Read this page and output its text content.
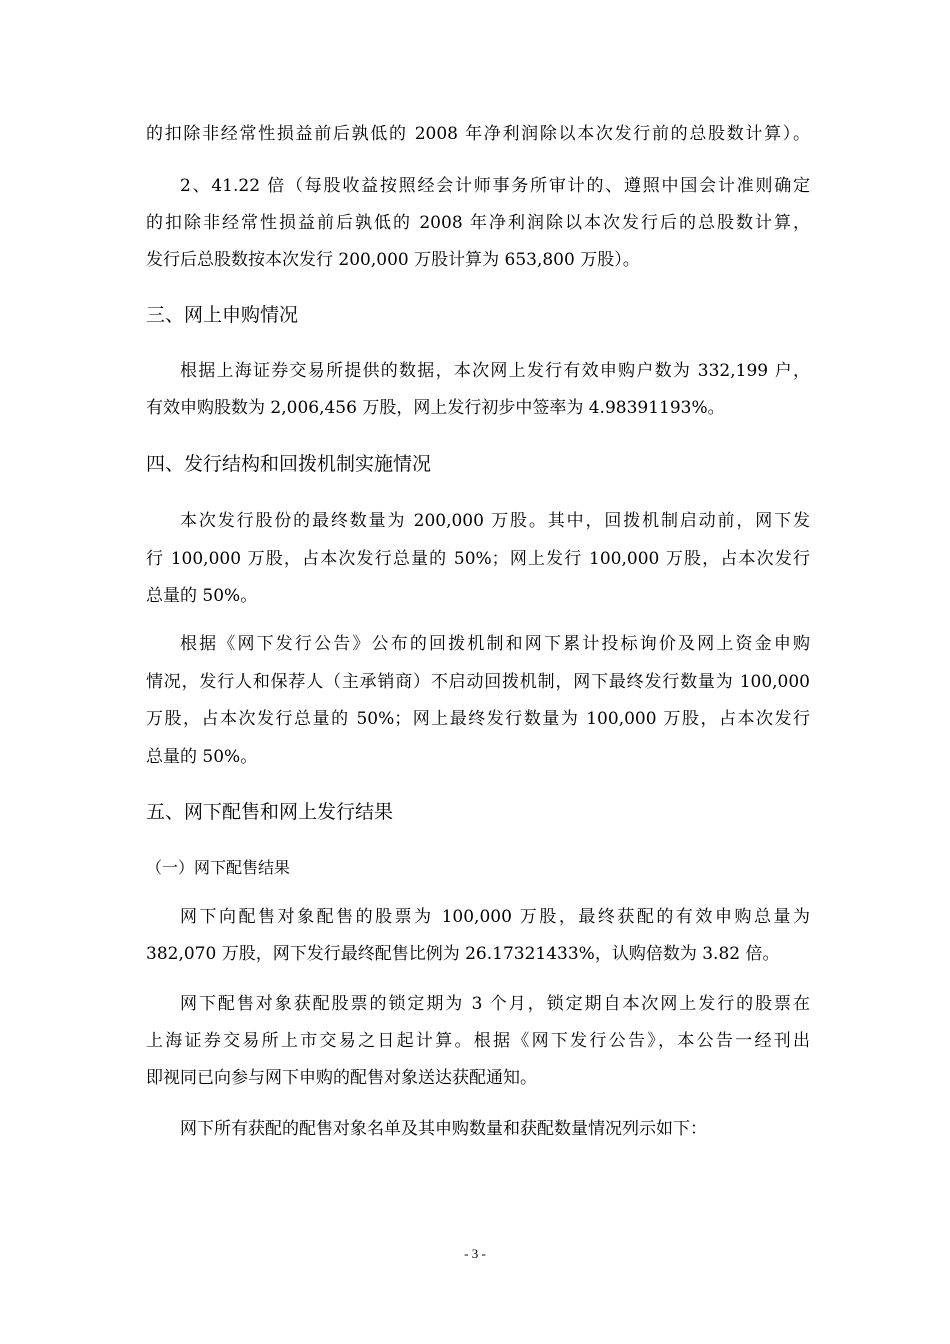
的扣除非经常性损益前后孰低的 2008 年净利润除以本次发行前的总股数计算）。
2、41.22 倍（每股收益按照经会计师事务所审计的、遵照中国会计准则确定
的扣除非经常性损益前后孰低的 2008 年净利润除以本次发行后的总股数计算，
发行后总股数按本次发行 200,000 万股计算为 653,800 万股）。
三、网上申购情况
根据上海证券交易所提供的数据，本次网上发行有效申购户数为 332,199 户，
有效申购股数为 2,006,456 万股，网上发行初步中签率为 4.98391193%。
四、发行结构和回拨机制实施情况
本次发行股份的最终数量为 200,000 万股。其中，回拨机制启动前，网下发
行 100,000 万股，占本次发行总量的 50%；网上发行 100,000 万股，占本次发行
总量的 50%。
根据《网下发行公告》公布的回拨机制和网下累计投标询价及网上资金申购
情况，发行人和保荐人（主承销商）不启动回拨机制，网下最终发行数量为 100,000
万股，占本次发行总量的 50%；网上最终发行数量为 100,000 万股，占本次发行
总量的 50%。
五、网下配售和网上发行结果
（一）网下配售结果
网下向配售对象配售的股票为 100,000 万股，最终获配的有效申购总量为
382,070 万股，网下发行最终配售比例为 26.17321433%，认购倍数为 3.82 倍。
网下配售对象获配股票的锁定期为 3 个月，锁定期自本次网上发行的股票在
上海证券交易所上市交易之日起计算。根据《网下发行公告》，本公告一经刊出
即视同已向参与网下申购的配售对象送达获配通知。
网下所有获配的配售对象名单及其申购数量和获配数量情况列示如下：
- 3 -
